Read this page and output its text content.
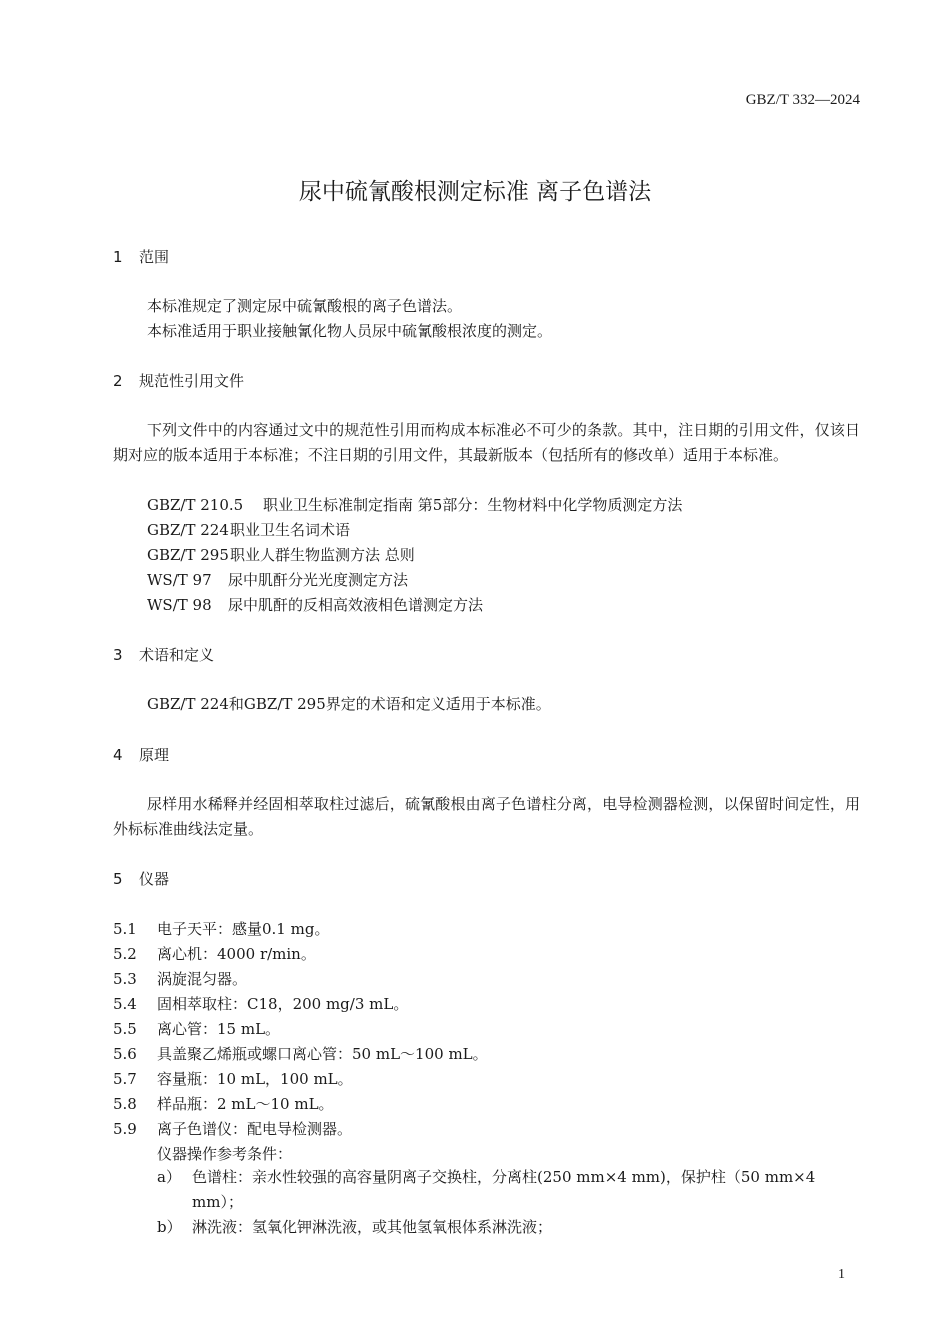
GBZ/T 332—2024
尿中硫氰酸根测定标准 离子色谱法
1 范围
本标准规定了测定尿中硫氰酸根的离子色谱法。
本标准适用于职业接触氰化物人员尿中硫氰酸根浓度的测定。
2 规范性引用文件
下列文件中的内容通过文中的规范性引用而构成本标准必不可少的条款。其中，注日期的引用文件，仅该日期对应的版本适用于本标准；不注日期的引用文件，其最新版本（包括所有的修改单）适用于本标准。
GBZ/T 210.5 职业卫生标准制定指南 第5部分：生物材料中化学物质测定方法
GBZ/T 224职业卫生名词术语
GBZ/T 295职业人群生物监测方法 总则
WS/T 97 尿中肌酐分光光度测定方法
WS/T 98 尿中肌酐的反相高效液相色谱测定方法
3 术语和定义
GBZ/T 224和GBZ/T 295界定的术语和定义适用于本标准。
4 原理
尿样用水稀释并经固相萃取柱过滤后，硫氰酸根由离子色谱柱分离，电导检测器检测，以保留时间定性，用外标标准曲线法定量。
5 仪器
5.1 电子天平：感量0.1 mg。
5.2 离心机：4000 r/min。
5.3 涡旋混匀器。
5.4 固相萃取柱：C18，200 mg/3 mL。
5.5 离心管：15 mL。
5.6 具盖聚乙烯瓶或螺口离心管：50 mL～100 mL。
5.7 容量瓶：10 mL，100 mL。
5.8 样品瓶：2 mL～10 mL。
5.9 离子色谱仪：配电导检测器。
仪器操作参考条件：
a） 色谱柱：亲水性较强的高容量阴离子交换柱，分离柱(250 mm×4 mm)，保护柱（50 mm×4
mm）；
b） 淋洗液：氢氧化钾淋洗液，或其他氢氧根体系淋洗液；
1
